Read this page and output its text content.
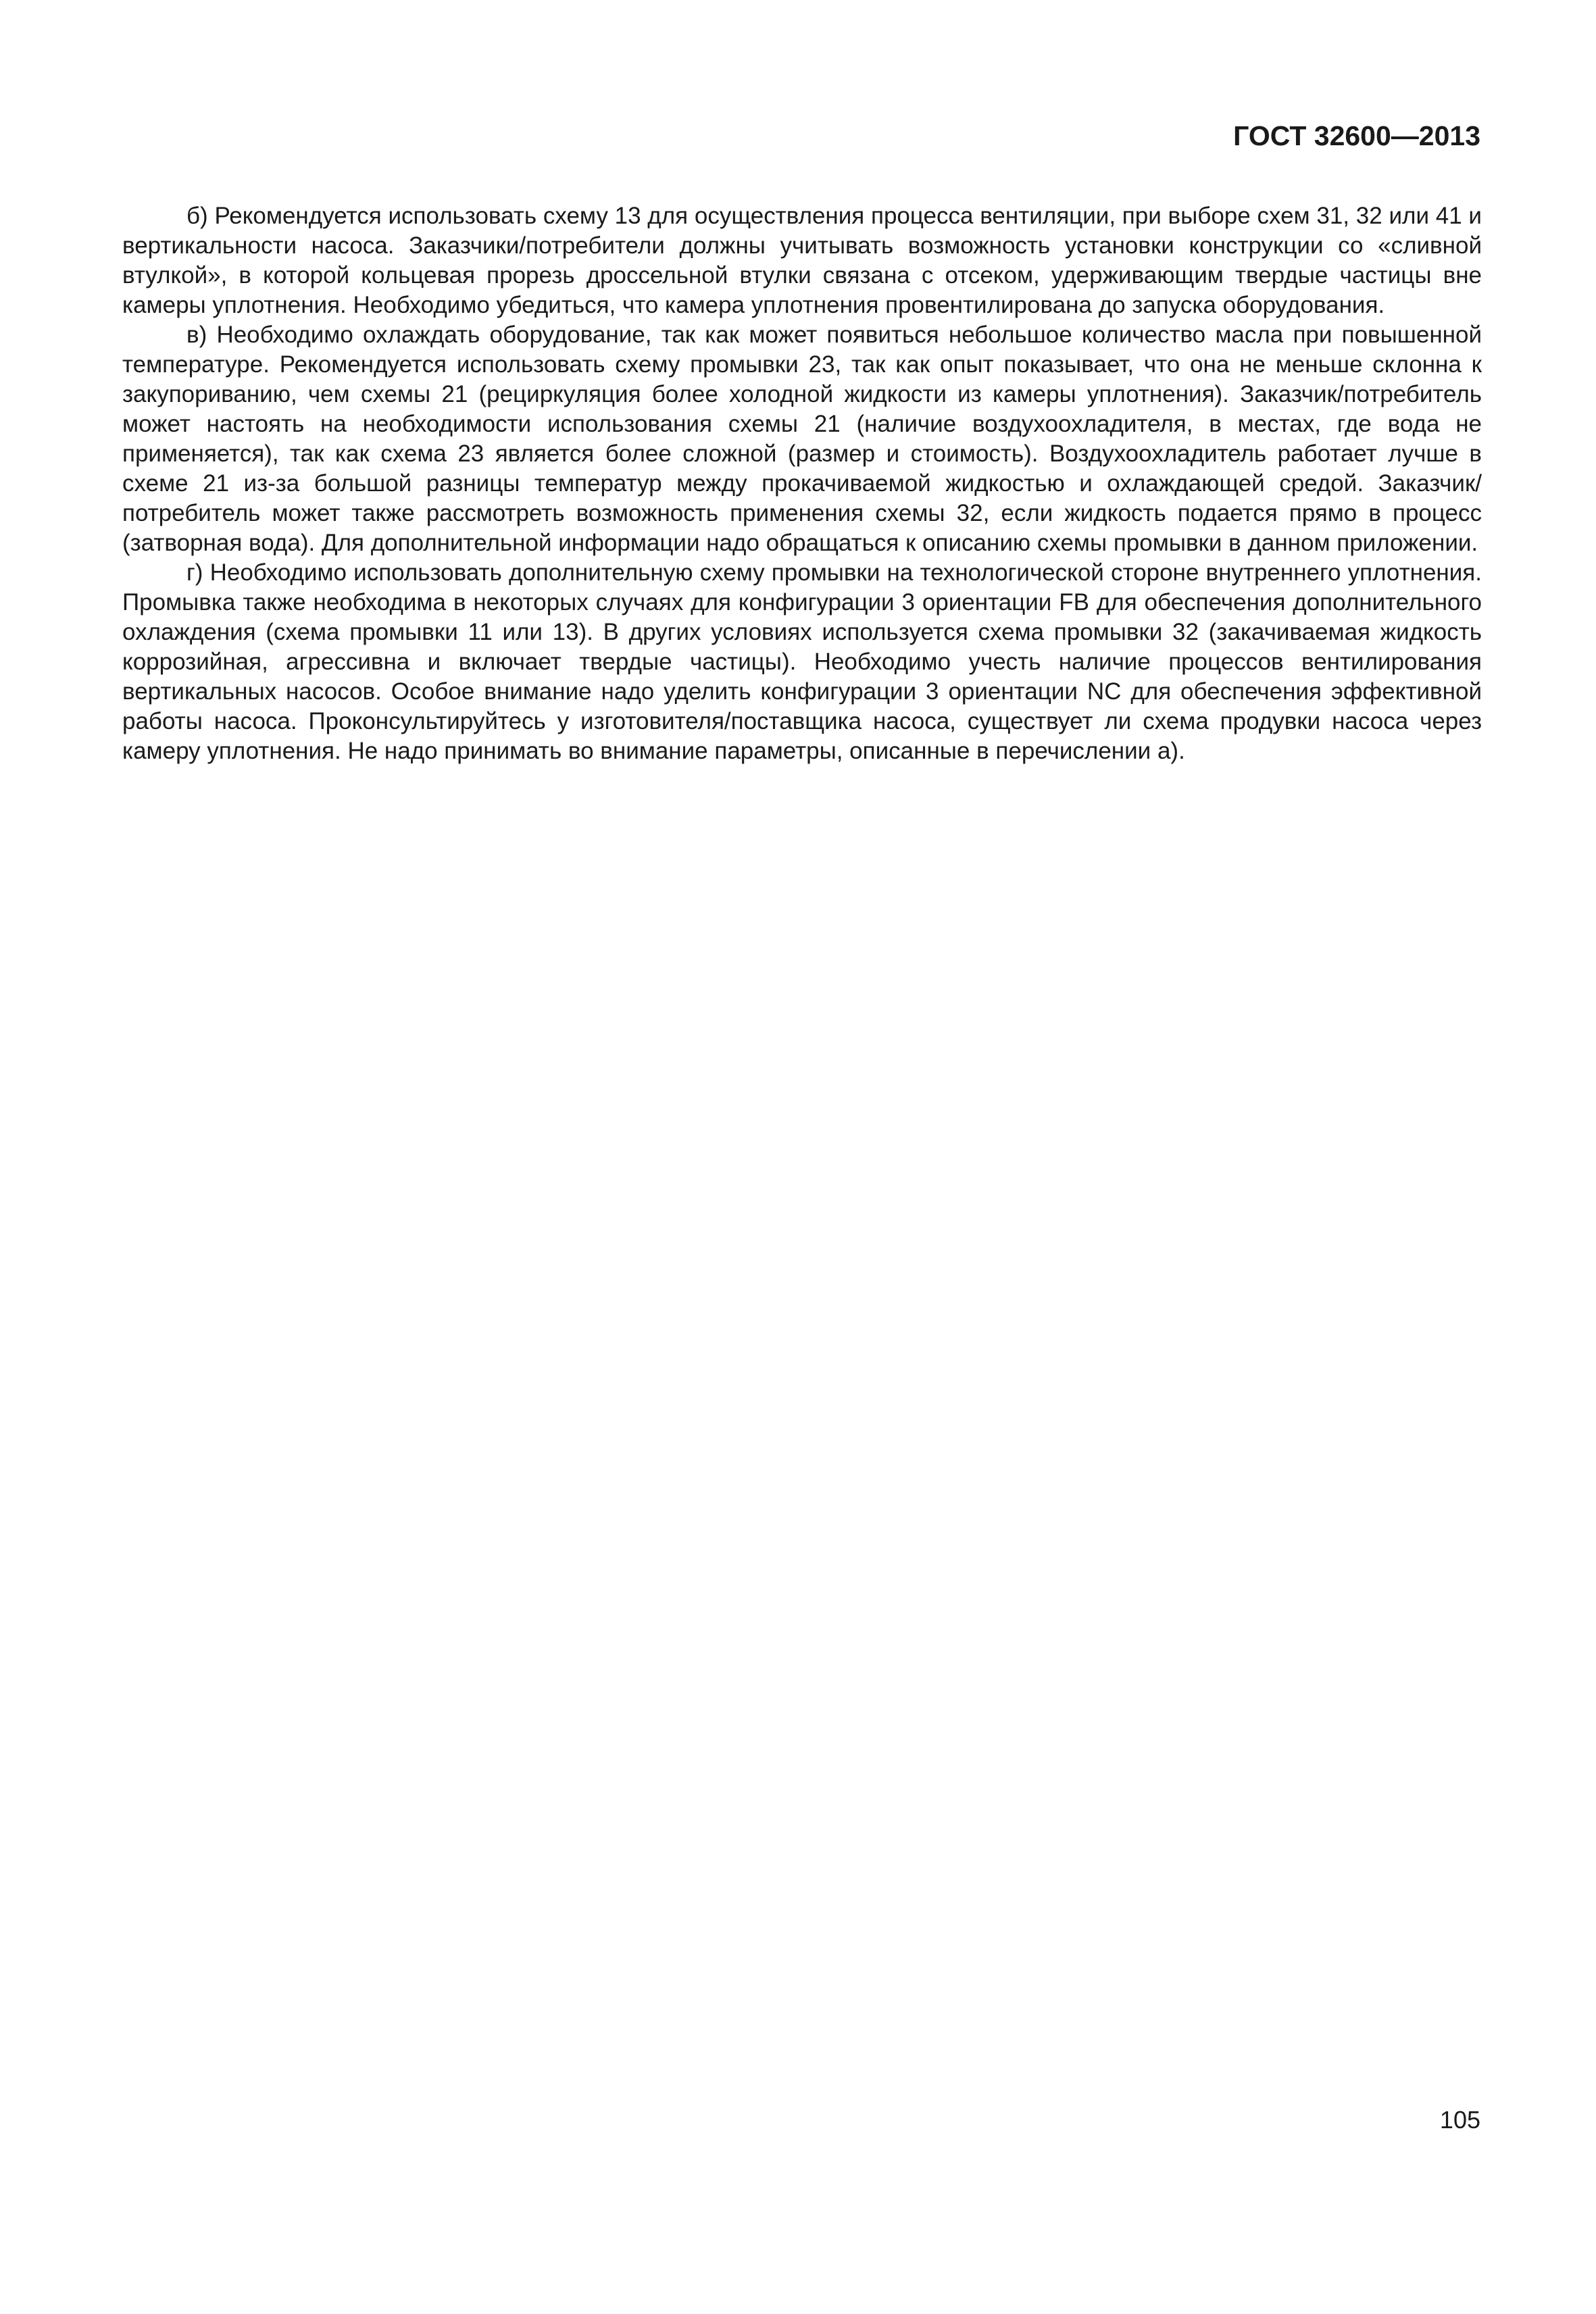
ГОСТ 32600—2013

б) Рекомендуется использовать схему 13 для осуществления процесса вентиляции, при выборе схем 31, 32 или 41 и вертикальности насоса. Заказчики/потребители должны учитывать возможность установки конструкции со «сливной втулкой», в которой кольцевая прорезь дроссельной втулки связана с отсеком, удерживающим твердые частицы вне камеры уплотнения. Необходимо убедиться, что камера уплотнения провентилирована до запуска оборудования.

в) Необходимо охлаждать оборудование, так как может появиться небольшое количество масла при повышенной температуре. Рекомендуется использовать схему промывки 23, так как опыт показывает, что она не меньше склонна к закупориванию, чем схемы 21 (рециркуляция более холодной жидкости из камеры уплотнения). Заказчик/потребитель может настоять на необходимости использования схемы 21 (наличие воздухоохладителя, в местах, где вода не применяется), так как схема 23 является более сложной (размер и стоимость). Воздухоохладитель работает лучше в схеме 21 из-за большой разницы температур между прокачиваемой жидкостью и охлаждающей средой. Заказчик/потребитель может также рассмотреть возможность применения схемы 32, если жидкость подается прямо в процесс (затворная вода). Для дополнительной информации надо обращаться к описанию схемы промывки в данном приложении.

г) Необходимо использовать дополнительную схему промывки на технологической стороне внутреннего уплотнения. Промывка также необходима в некоторых случаях для конфигурации 3 ориентации FB для обеспечения дополнительного охлаждения (схема промывки 11 или 13). В других условиях используется схема промывки 32 (закачиваемая жидкость коррозийная, агрессивна и включает твердые частицы). Необходимо учесть наличие процессов вентилирования вертикальных насосов. Особое внимание надо уделить конфигурации 3 ориентации NC для обеспечения эффективной работы насоса. Проконсультируйтесь у изготовителя/поставщика насоса, существует ли схема продувки насоса через камеру уплотнения. Не надо принимать во внимание параметры, описанные в перечислении а).

105
